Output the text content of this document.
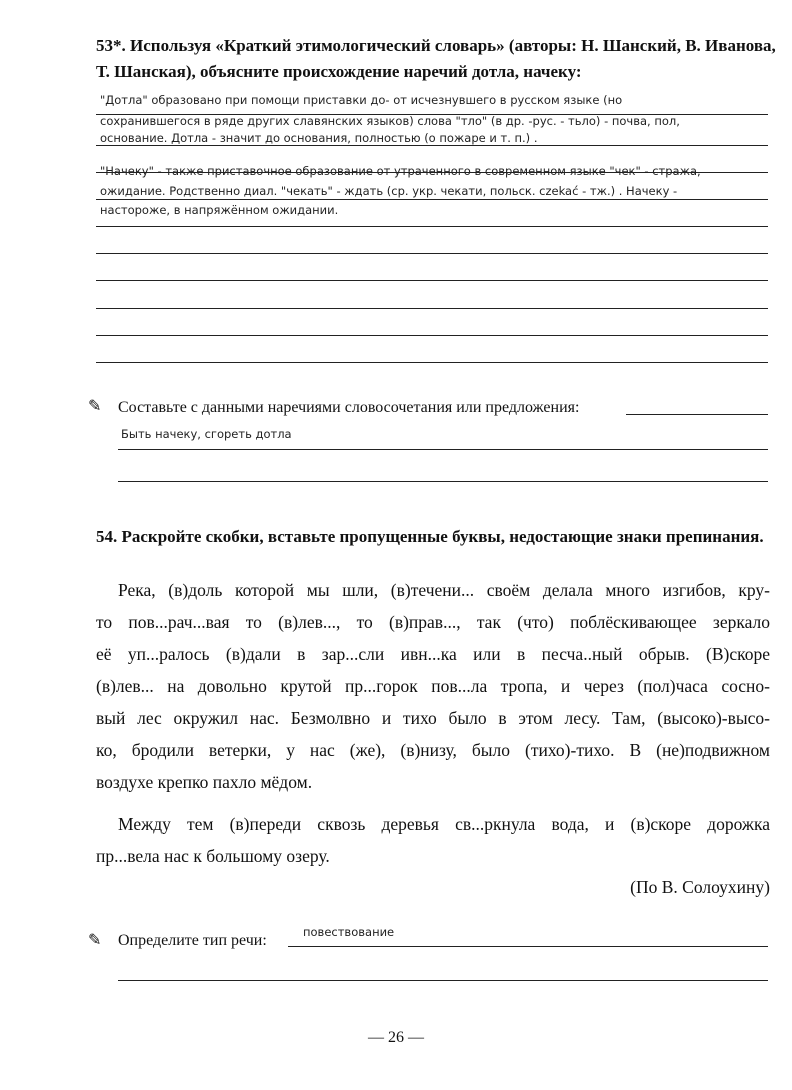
53*. Используя «Краткий этимологический словарь» (авторы: Н. Шанский, В. Иванова,
Т. Шанская), объясните происхождение наречий дотла, начеку:
"Дотла" образовано при помощи приставки до- от исчезнувшего в русском языке (но
сохранившегося в ряде других славянских языков) слова "тло" (в др. -рус. - тьло) - почва, пол,
основание. Дотла - значит до основания, полностью (о пожаре и т. п.) .
"Начеку" - также приставочное образование от утраченного в современном языке "чек" - стража,
ожидание. Родственно диал. "чекать" - ждать (ср. укр. чекати, польск. czekać - тж.) . Начеку -
настороже, в напряжённом ожидании.
✎ Составьте с данными наречиями словосочетания или предложения:
Быть начеку, сгореть дотла
54. Раскройте скобки, вставьте пропущенные буквы, недостающие знаки препинания.
Река, (в)доль которой мы шли, (в)течени... своём делала много изгибов, кру-
то пов...рач...вая то (в)лев..., то (в)прав..., так (что) поблёскивающее зеркало
её уп...ралось (в)дали в зар...сли ивн...ка или в песча..ный обрыв. (В)скоре
(в)лев... на довольно крутой пр...горок пов...ла тропа, и через (пол)часа сосно-
вый лес окружил нас. Безмолвно и тихо было в этом лесу. Там, (высоко)-высо-
ко, бродили ветерки, у нас (же), (в)низу, было (тихо)-тихо. В (не)подвижном
воздухе крепко пахло мёдом.
Между тем (в)переди сквозь деревья св...ркнула вода, и (в)скоре дорожка
пр...вела нас к большому озеру.
(По В. Солоухину)
✎ Определите тип речи:	повествование
— 26 —
